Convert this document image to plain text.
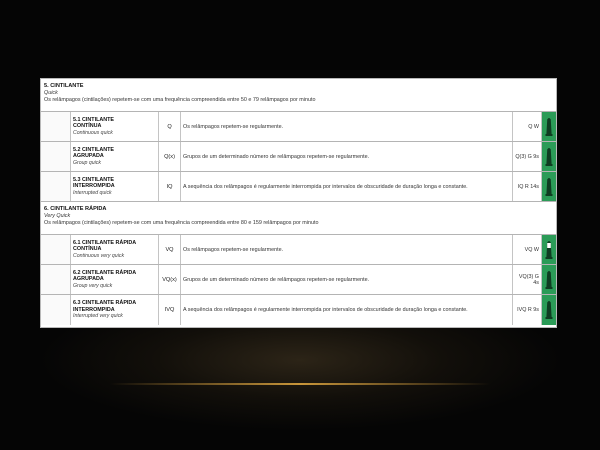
5. CINTILANTE
Quick
Os relâmpagos (cintilações) repetem-se com uma frequência compreendida entre 50 e 79 relâmpagos por minuto
5.1 CINTILANTE
CONTÍNUA
Continuous quick
Q	Os relâmpagos repetem-se regularmente.	Q W
5.2 CINTILANTE
AGRUPADA
Group quick
Q(x)	Grupos de um determinado número de relâmpagos repetem-se regularmente.	Q(3) G 9s
5.3 CINTILANTE
INTERROMPIDA
Interrupted quick
IQ	A sequência dos relâmpagos é regularmente interrompida por intervalos de obscuridade de duração longa e constante.	IQ R 14s
6. CINTILANTE RÁPIDA
Very Quick
Os relâmpagos (cintilações) repetem-se com uma frequência compreendida entre 80 e 159 relâmpagos por minuto
6.1 CINTILANTE RÁPIDA
CONTÍNUA
Continuous very quick
VQ	Os relâmpagos repetem-se regularmente.	VQ W
6.2 CINTILANTE RÁPIDA
AGRUPADA
Group very quick
VQ(x)	Grupos de um determinado número de relâmpagos repetem-se regularmente.	VQ(3) G 4s
6.3 CINTILANTE RÁPIDA
INTERROMPIDA
Interrupted very quick
IVQ	A sequência dos relâmpagos é regularmente interrompida por intervalos de obscuridade de duração longa e constante.	IVQ R 9s
